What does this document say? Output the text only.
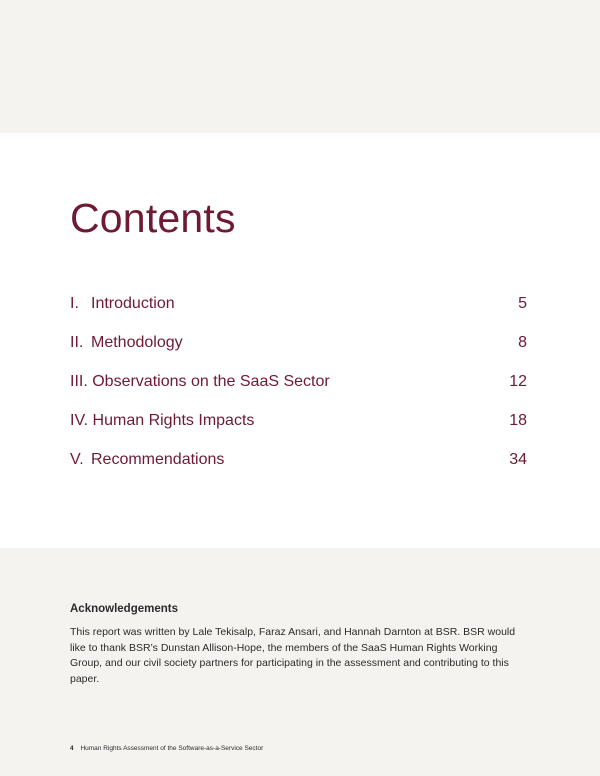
Contents
I. Introduction	5
II. Methodology	8
III. Observations on the SaaS Sector	12
IV. Human Rights Impacts	18
V. Recommendations	34
Acknowledgements

This report was written by Lale Tekisalp, Faraz Ansari, and Hannah Darnton at BSR. BSR would like to thank BSR’s Dunstan Allison-Hope, the members of the SaaS Human Rights Working Group, and our civil society partners for participating in the assessment and contributing to this paper.

4 Human Rights Assessment of the Software-as-a-Service Sector
